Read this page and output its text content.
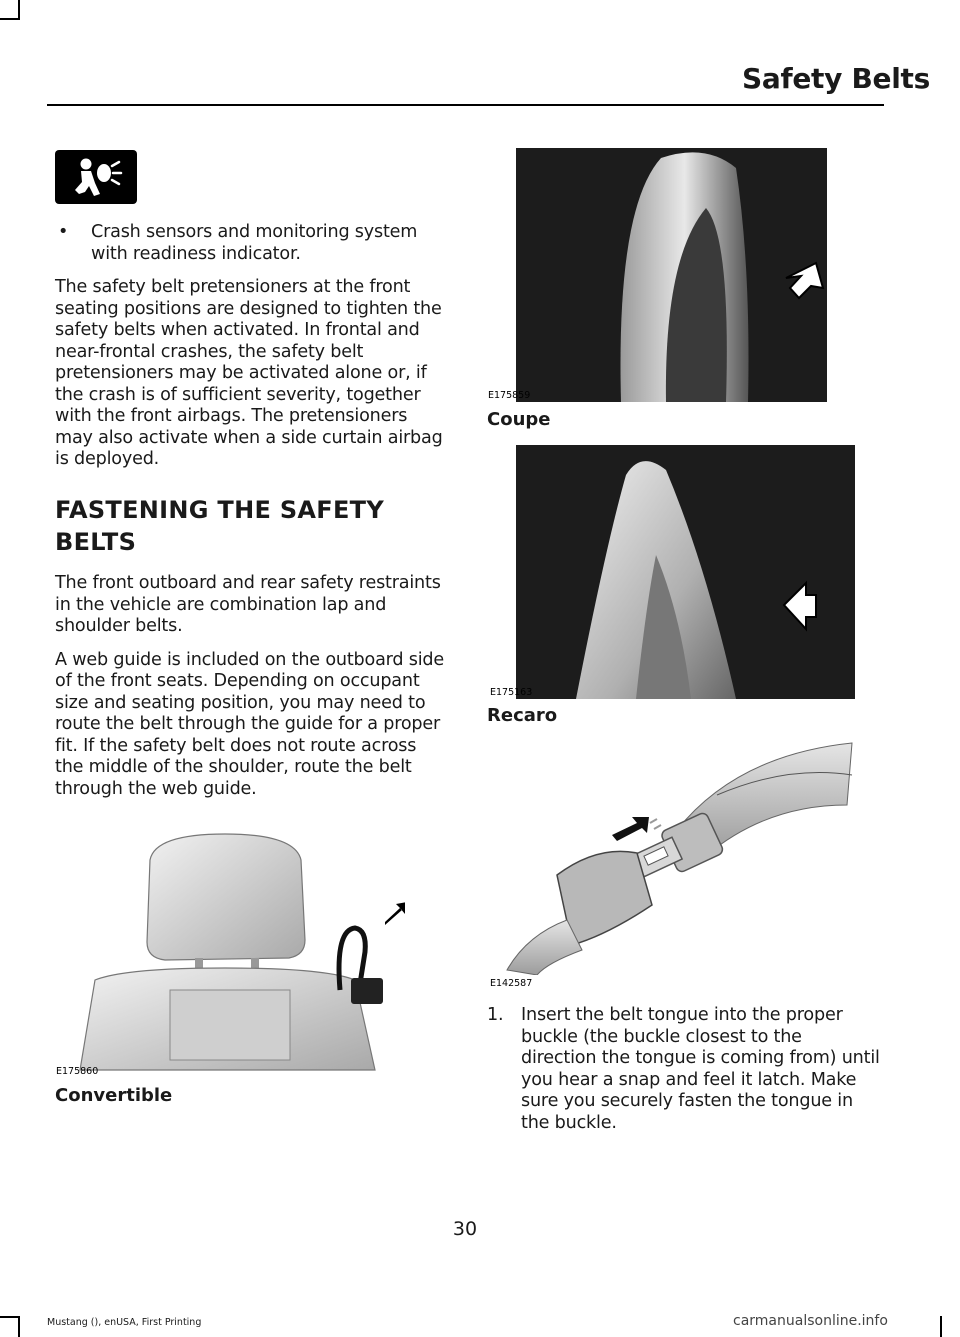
Safety Belts
•	Crash sensors and monitoring system with readiness indicator.

The safety belt pretensioners at the front seating positions are designed to tighten the safety belts when activated. In frontal and near-frontal crashes, the safety belt pretensioners may be activated alone or, if the crash is of sufficient severity, together with the front airbags. The pretensioners may also activate when a side curtain airbag is deployed.

FASTENING THE SAFETY
BELTS

The front outboard and rear safety restraints in the vehicle are combination lap and shoulder belts.

A web guide is included on the outboard side of the front seats. Depending on occupant size and seating position, you may need to route the belt through the guide for a proper fit. If the safety belt does not route across the middle of the shoulder, route the belt through the web guide.

E175860
Convertible
E175859
Coupe
E175163
Recaro
E142587
1.	Insert the belt tongue into the proper buckle (the buckle closest to the direction the tongue is coming from) until you hear a snap and feel it latch. Make sure you securely fasten the tongue in the buckle.
30
Mustang (), enUSA, First Printing	carmanualsonline.info
